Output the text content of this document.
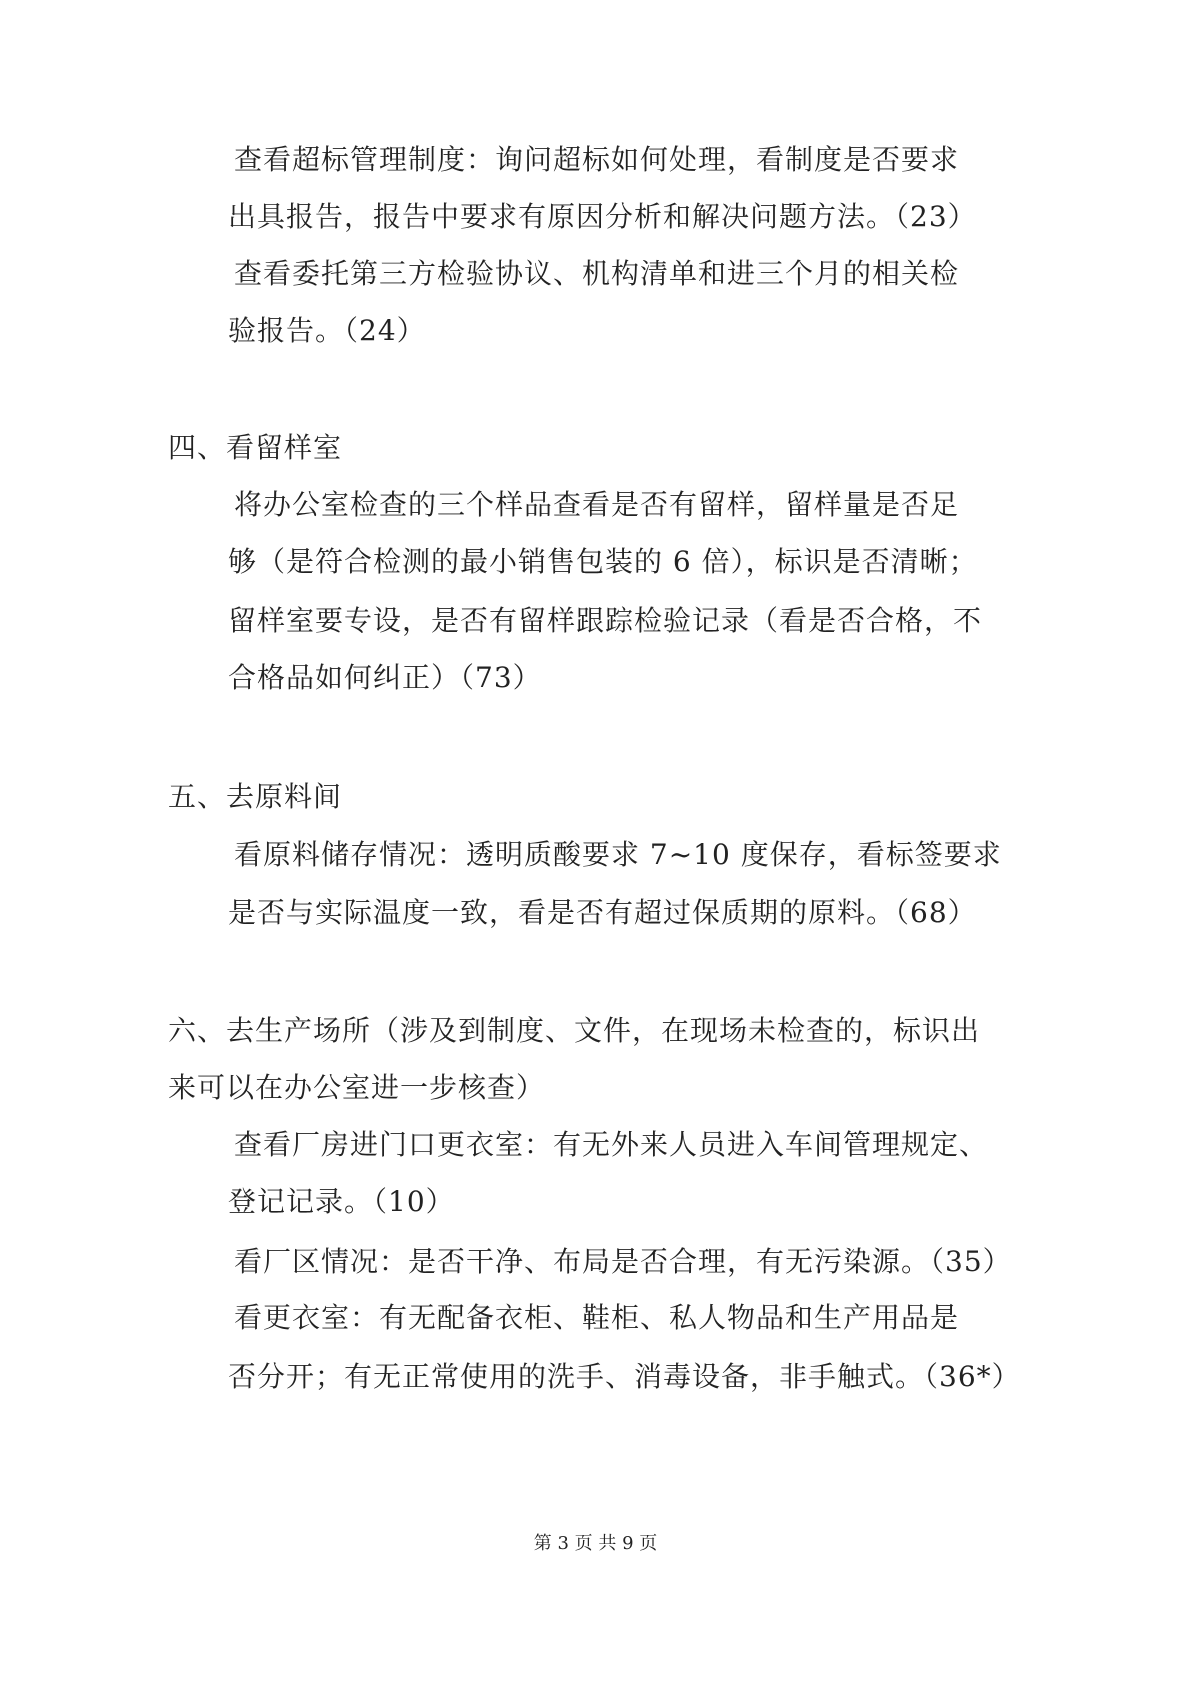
查看超标管理制度：询问超标如何处理，看制度是否要求
出具报告，报告中要求有原因分析和解决问题方法。（23）
查看委托第三方检验协议、机构清单和进三个月的相关检
验报告。（24）
四、看留样室
将办公室检查的三个样品查看是否有留样，留样量是否足
够（是符合检测的最小销售包装的 6 倍），标识是否清晰；
留样室要专设，是否有留样跟踪检验记录（看是否合格，不
合格品如何纠正）（73）
五、去原料间
看原料储存情况：透明质酸要求 7~10 度保存，看标签要求
是否与实际温度一致，看是否有超过保质期的原料。（68）
六、去生产场所（涉及到制度、文件，在现场未检查的，标识出
来可以在办公室进一步核查）
查看厂房进门口更衣室：有无外来人员进入车间管理规定、
登记记录。（10）
看厂区情况：是否干净、布局是否合理，有无污染源。（35）
看更衣室：有无配备衣柜、鞋柜、私人物品和生产用品是
否分开；有无正常使用的洗手、消毒设备，非手触式。（36*）
第 3 页 共 9 页
